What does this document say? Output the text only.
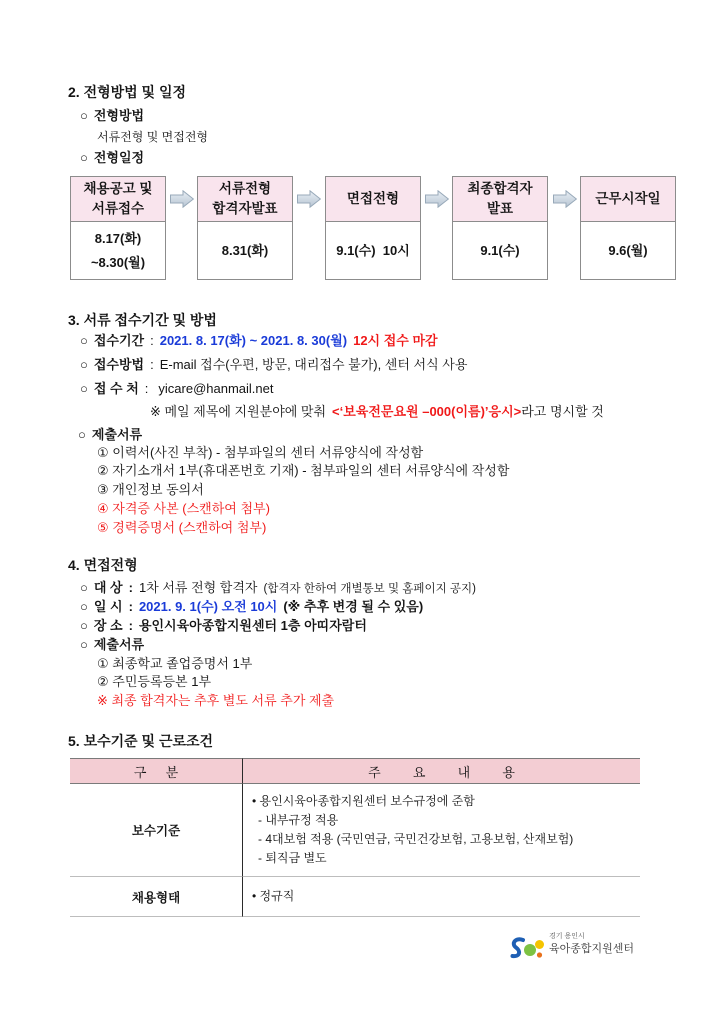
2. 전형방법 및 일정
○ 전형방법
서류전형 및 면접전형
○ 전형일정
채용공고 및
서류접수
8.17(화)
~8.30(월)
서류전형
합격자발표
8.31(화)
면접전형
9.1(수)  10시
최종합격자
발표
9.1(수)
근무시작일
9.6(월)
3. 서류 접수기간 및 방법
○ 접수기간 : 2021. 8. 17(화) ~ 2021. 8. 30(월) 12시 접수 마감
○ 접수방법 : E-mail 접수(우편, 방문, 대리접수 불가), 센터 서식 사용
○ 접 수 처 : yicare@hanmail.net
※ 메일 제목에 지원분야에 맞춰 <‘보육전문요원 –000(이름)’응시> 라고 명시할 것
○ 제출서류
① 이력서(사진 부착) - 첨부파일의 센터 서류양식에 작성함
② 자기소개서 1부(휴대폰번호 기재) - 첨부파일의 센터 서류양식에 작성함
③ 개인정보 동의서
④ 자격증 사본 (스캔하여 첨부)
⑤ 경력증명서 (스캔하여 첨부)
4. 면접전형
○ 대 상 : 1차 서류 전형 합격자 (합격자 한하여 개별통보 및 홈페이지 공지)
○ 일 시 : 2021. 9. 1(수) 오전 10시 (※ 추후 변경 될 수 있음)
○ 장 소 : 용인시육아종합지원센터 1층 아띠자람터
○ 제출서류
① 최종학교 졸업증명서 1부
② 주민등록등본 1부
※ 최종 합격자는 추후 별도 서류 추가 제출
5. 보수기준 및 근로조건
구 분	주 요 내 용
보수기준
• 용인시육아종합지원센터 보수규정에 준함
- 내부규정 적용
- 4대보험 적용 (국민연금, 국민건강보험, 고용보험, 산재보험)
- 퇴직금 별도
채용형태	• 정규직
경기 용인시
육아종합지원센터
